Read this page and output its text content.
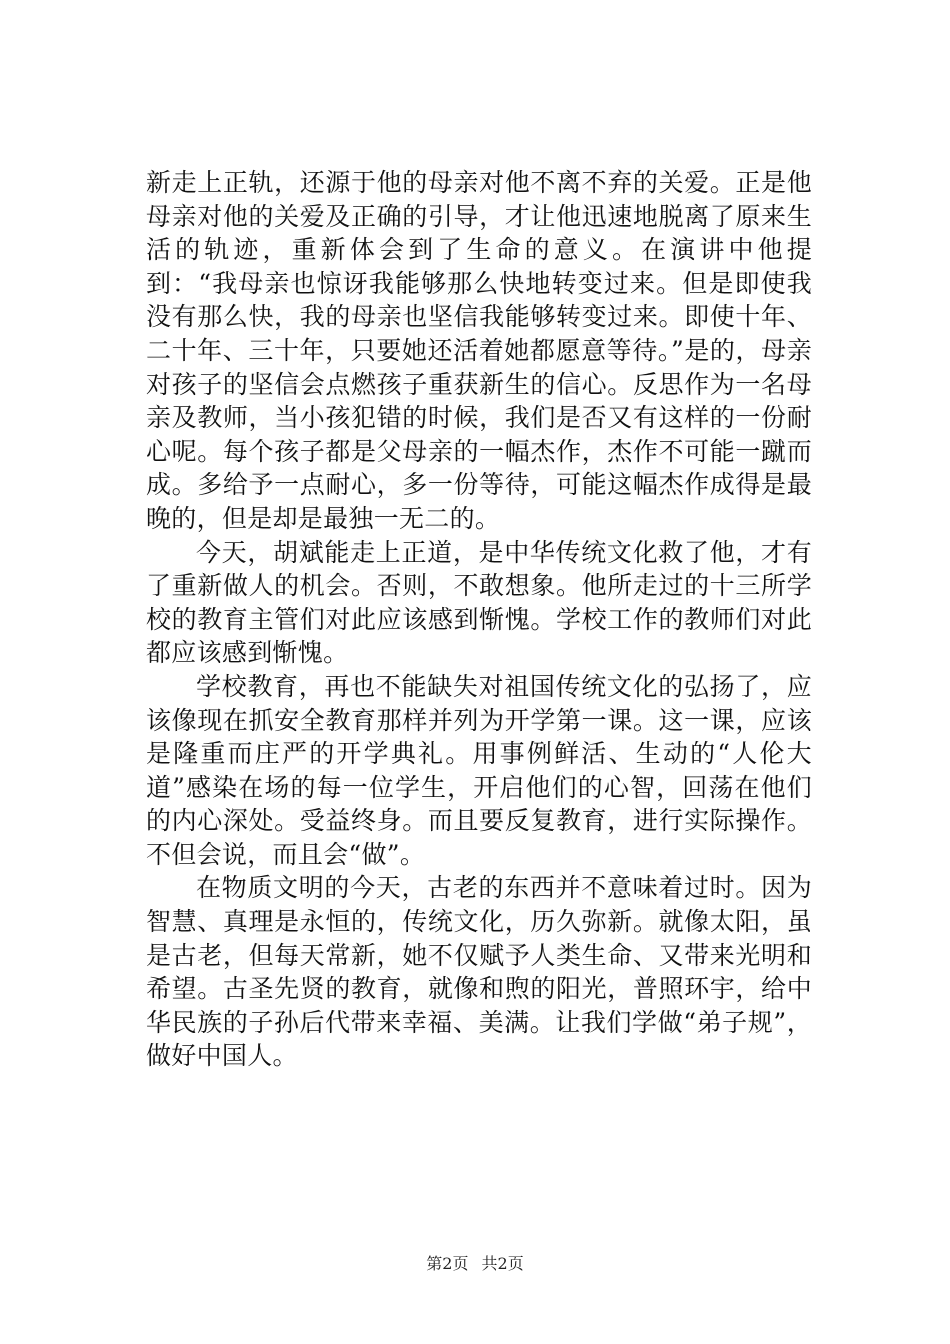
新走上正轨，还源于他的母亲对他不离不弃的关爱。正是他母亲对他的关爱及正确的引导，才让他迅速地脱离了原来生活的轨迹，重新体会到了生命的意义。在演讲中他提到：“我母亲也惊讶我能够那么快地转变过来。但是即使我没有那么快，我的母亲也坚信我能够转变过来。即使十年、二十年、三十年，只要她还活着她都愿意等待。”是的，母亲对孩子的坚信会点燃孩子重获新生的信心。反思作为一名母亲及教师，当小孩犯错的时候，我们是否又有这样的一份耐心呢。每个孩子都是父母亲的一幅杰作，杰作不可能一蹴而成。多给予一点耐心，多一份等待，可能这幅杰作成得是最晚的，但是却是最独一无二的。

今天，胡斌能走上正道，是中华传统文化救了他，才有了重新做人的机会。否则，不敢想象。他所走过的十三所学校的教育主管们对此应该感到惭愧。学校工作的教师们对此都应该感到惭愧。

学校教育，再也不能缺失对祖国传统文化的弘扬了，应该像现在抓安全教育那样并列为开学第一课。这一课，应该是隆重而庄严的开学典礼。用事例鲜活、生动的“人伦大道”感染在场的每一位学生，开启他们的心智，回荡在他们的内心深处。受益终身。而且要反复教育，进行实际操作。不但会说，而且会“做”。

在物质文明的今天，古老的东西并不意味着过时。因为智慧、真理是永恒的，传统文化，历久弥新。就像太阳，虽是古老，但每天常新，她不仅赋予人类生命、又带来光明和希望。古圣先贤的教育，就像和煦的阳光，普照环宇，给中华民族的子孙后代带来幸福、美满。让我们学做“弟子规”，做好中国人。

第2页 共2页
